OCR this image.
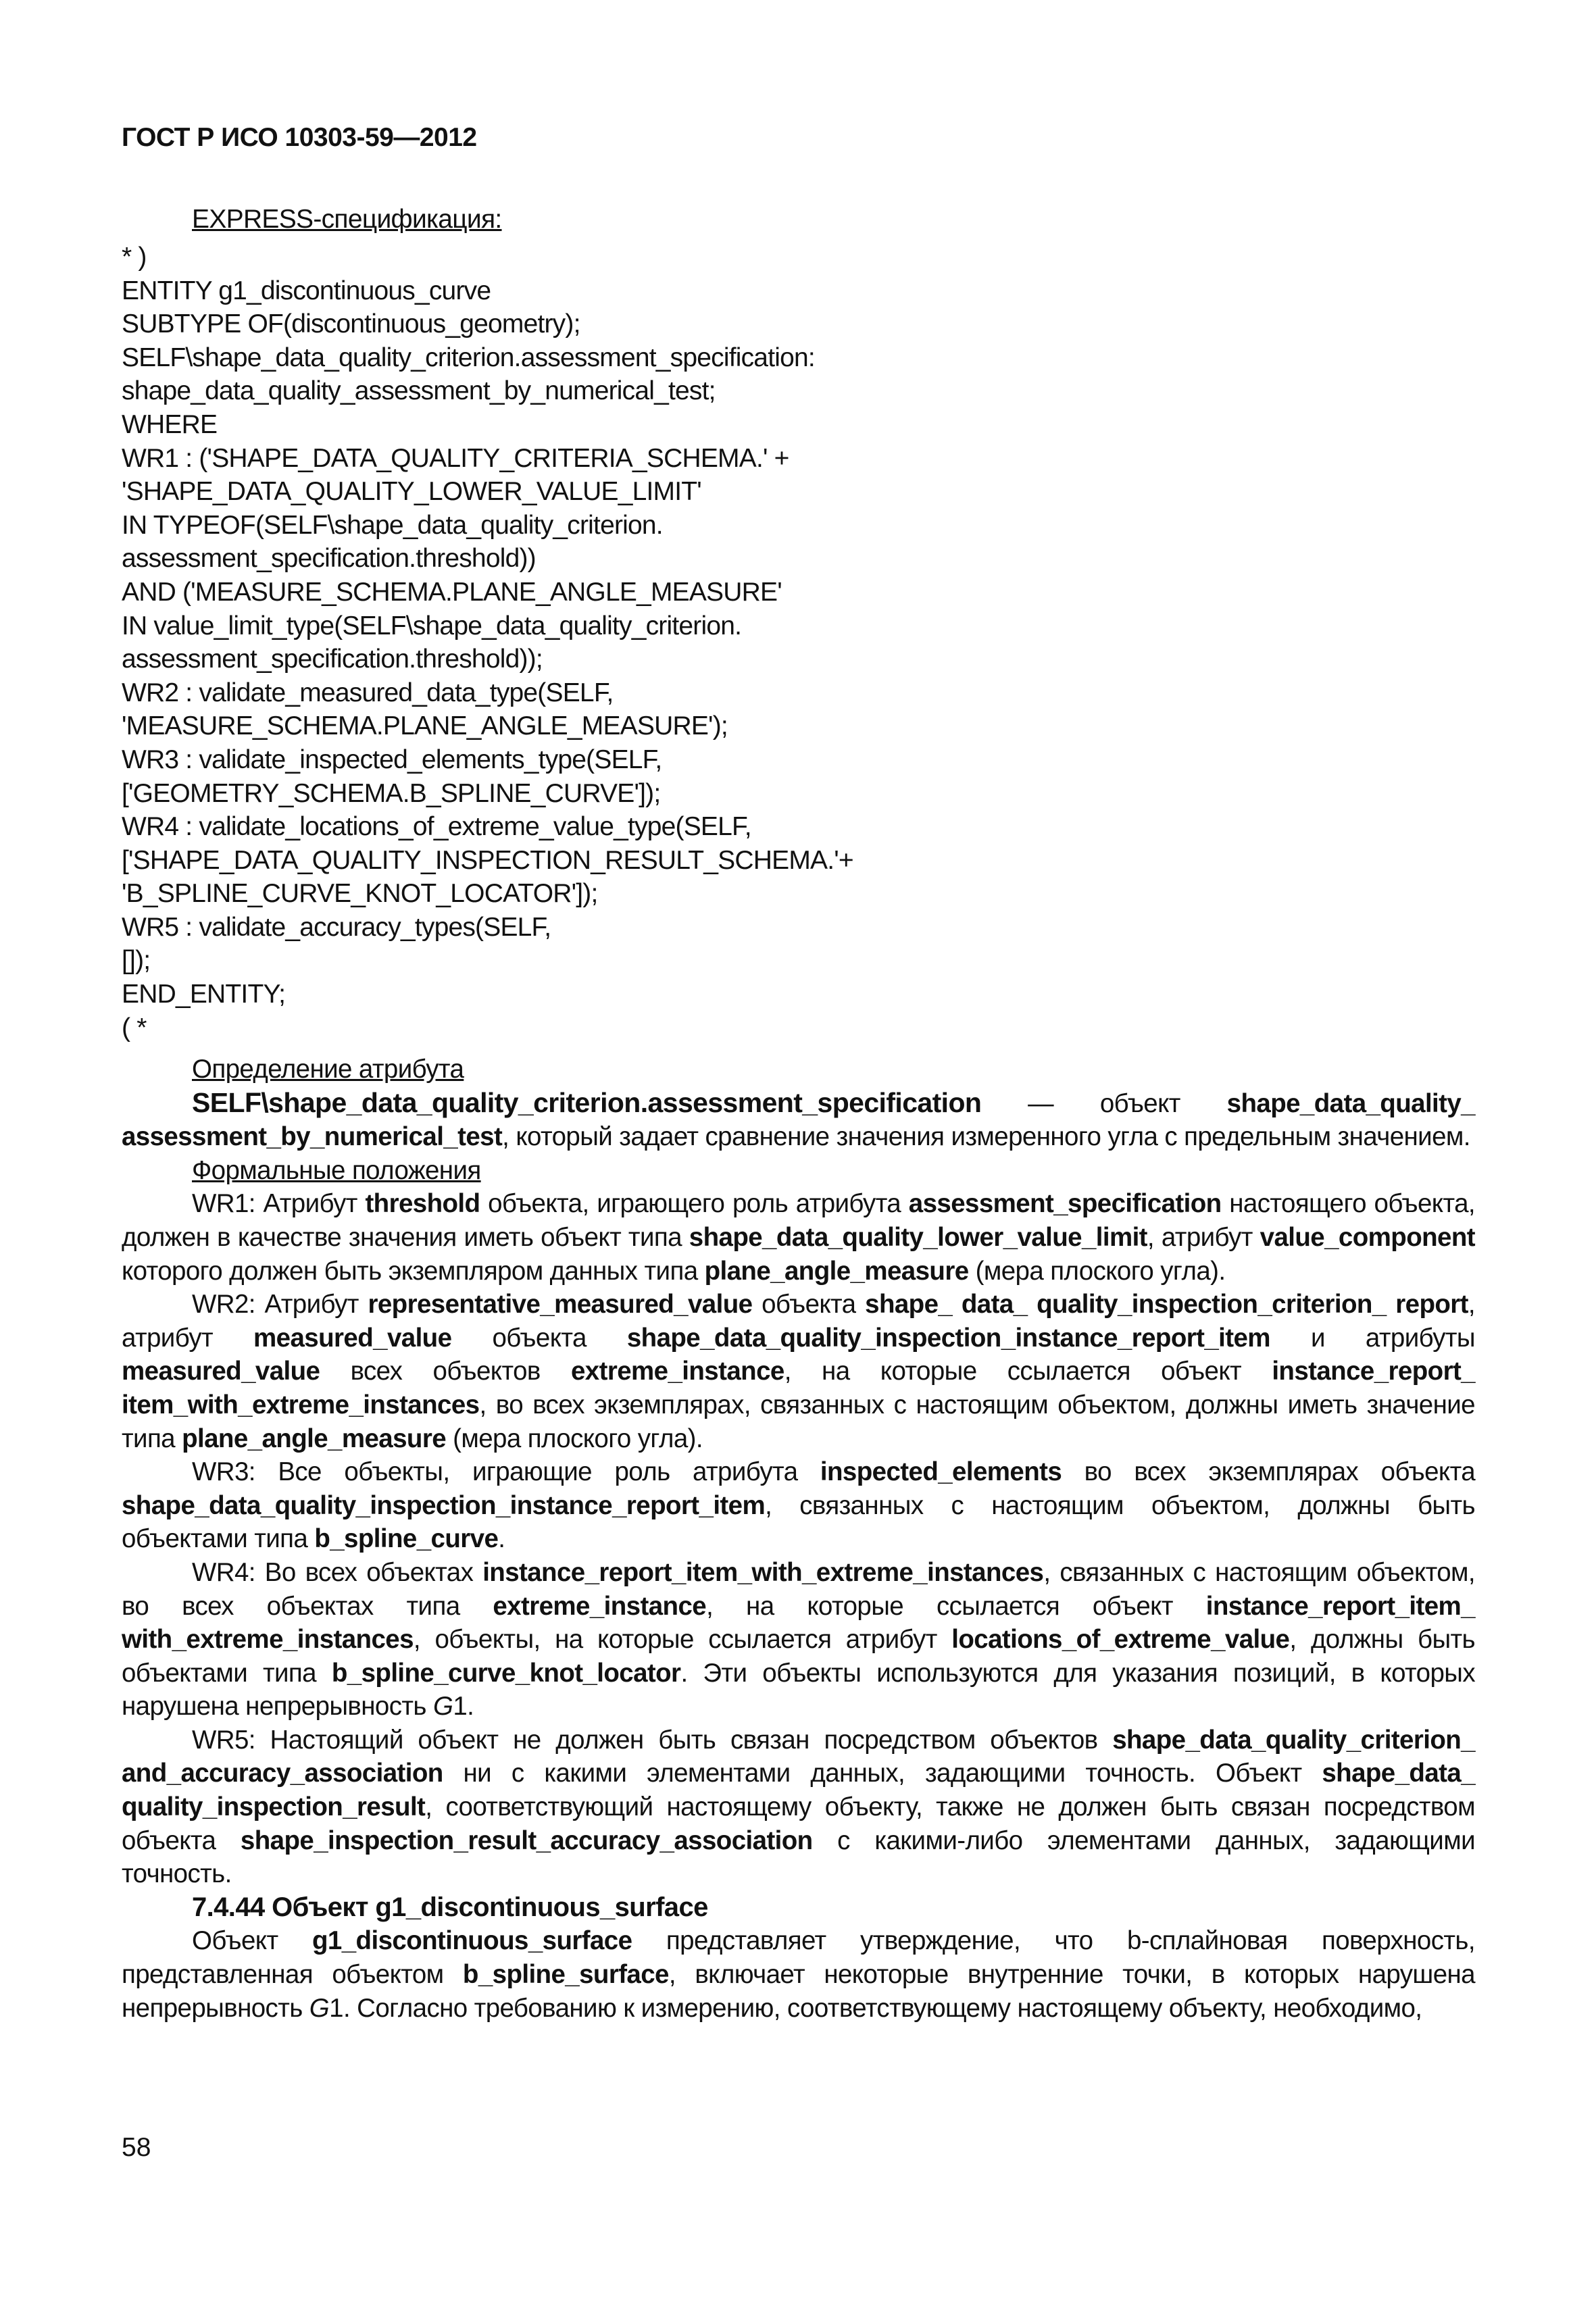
ГОСТ Р ИСО 10303-59—2012
EXPRESS-спецификация:
* )
ENTITY g1_discontinuous_curve
SUBTYPE OF(discontinuous_geometry);
SELF\shape_data_quality_criterion.assessment_specification:
shape_data_quality_assessment_by_numerical_test;
WHERE
WR1 : ('SHAPE_DATA_QUALITY_CRITERIA_SCHEMA.' +
'SHAPE_DATA_QUALITY_LOWER_VALUE_LIMIT'
IN TYPEOF(SELF\shape_data_quality_criterion.
assessment_specification.threshold))
AND ('MEASURE_SCHEMA.PLANE_ANGLE_MEASURE'
IN value_limit_type(SELF\shape_data_quality_criterion.
assessment_specification.threshold));
WR2 : validate_measured_data_type(SELF,
'MEASURE_SCHEMA.PLANE_ANGLE_MEASURE');
WR3 : validate_inspected_elements_type(SELF,
['GEOMETRY_SCHEMA.B_SPLINE_CURVE']);
WR4 : validate_locations_of_extreme_value_type(SELF,
['SHAPE_DATA_QUALITY_INSPECTION_RESULT_SCHEMA.'+
'B_SPLINE_CURVE_KNOT_LOCATOR']);
WR5 : validate_accuracy_types(SELF,
[]);
END_ENTITY;
( *

Определение атрибута

SELF\shape_data_quality_criterion.assessment_specification — объект shape_data_quality_ assessment_by_numerical_test, который задает сравнение значения измеренного угла с предельным значением.

Формальные положения

WR1: Атрибут threshold объекта, играющего роль атрибута assessment_specification настоящего объекта, должен в качестве значения иметь объект типа shape_data_quality_lower_value_limit, атрибут value_component которого должен быть экземпляром данных типа plane_angle_measure (мера плоского угла).

WR2: Атрибут representative_measured_value объекта shape_ data_ quality_inspection_criterion_ report, атрибут measured_value объекта shape_data_quality_inspection_instance_report_item и атрибуты measured_value всех объектов extreme_instance, на которые ссылается объект instance_report_ item_with_extreme_instances, во всех экземплярах, связанных с настоящим объектом, должны иметь значение типа plane_angle_measure (мера плоского угла).

WR3: Все объекты, играющие роль атрибута inspected_elements во всех экземплярах объекта shape_data_quality_inspection_instance_report_item, связанных с настоящим объектом, должны быть объектами типа b_spline_curve.

WR4: Во всех объектах instance_report_item_with_extreme_instances, связанных с настоящим объектом, во всех объектах типа extreme_instance, на которые ссылается объект instance_report_item_ with_extreme_instances, объекты, на которые ссылается атрибут locations_of_extreme_value, должны быть объектами типа b_spline_curve_knot_locator. Эти объекты используются для указания позиций, в которых нарушена непрерывность G1.

WR5: Настоящий объект не должен быть связан посредством объектов shape_data_quality_criterion_ and_accuracy_association ни с какими элементами данных, задающими точность. Объект shape_data_ quality_inspection_result, соответствующий настоящему объекту, также не должен быть связан посредством объекта shape_inspection_result_accuracy_association с какими-либо элементами данных, задающими точность.

7.4.44 Объект g1_discontinuous_surface

Объект g1_discontinuous_surface представляет утверждение, что b-сплайновая поверхность, представленная объектом b_spline_surface, включает некоторые внутренние точки, в которых нарушена непрерывность G1. Согласно требованию к измерению, соответствующему настоящему объекту, необходимо,

58
